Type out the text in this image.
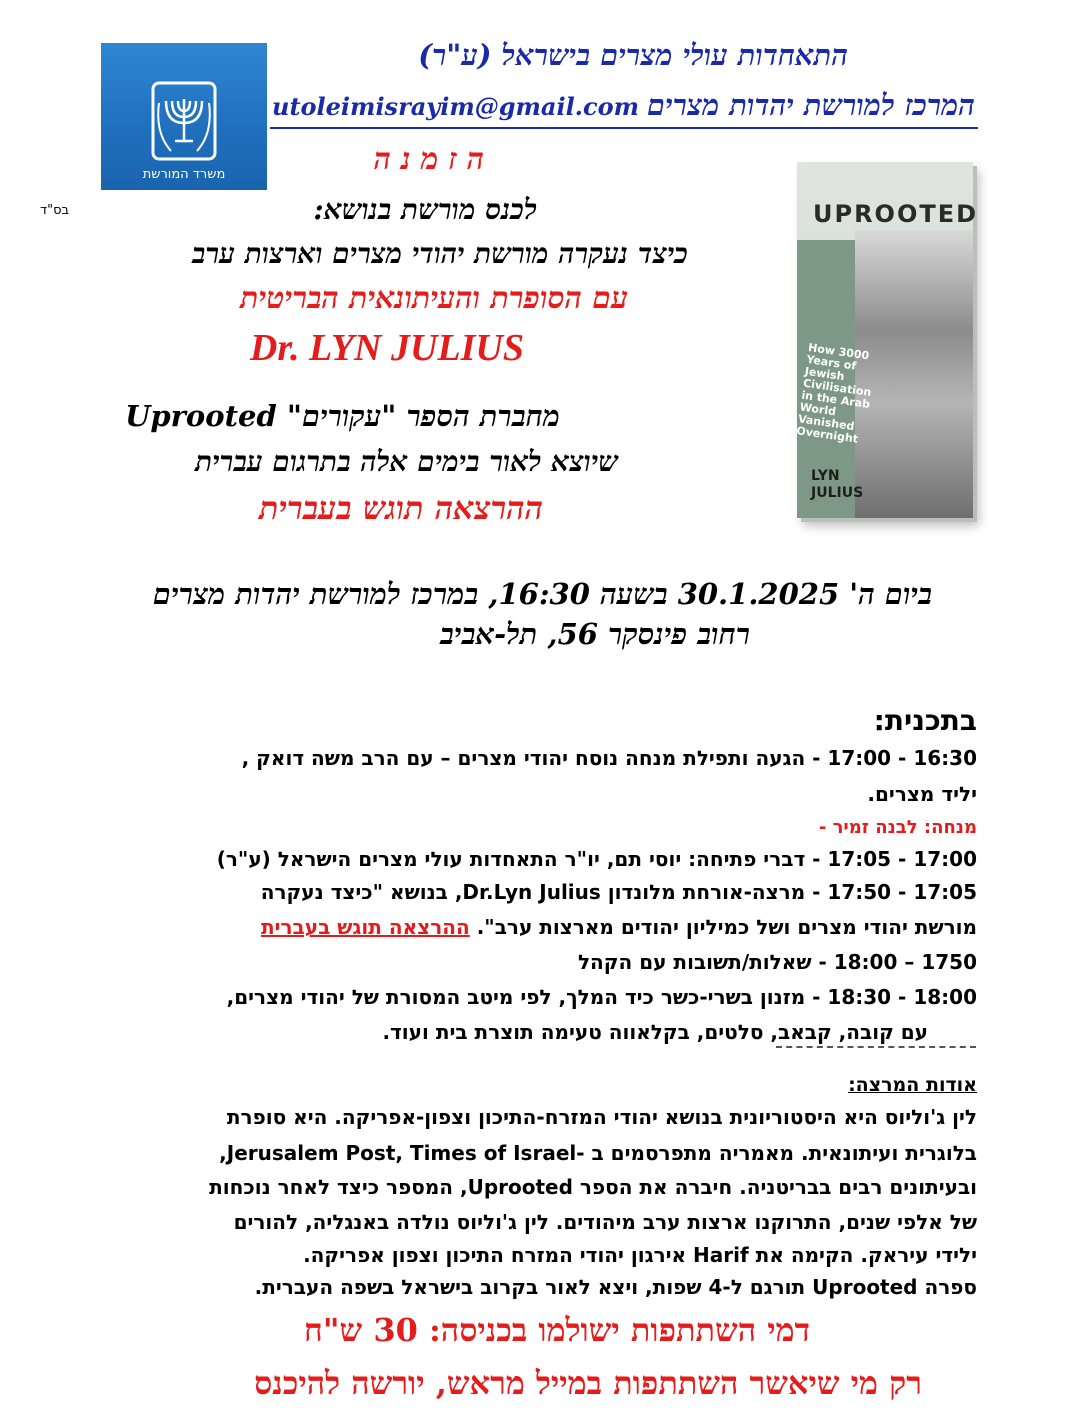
משרד המורשת
בס"ד
התאחדות עולי מצרים בישראל (ע"ר)
utoleimisrayim@gmail.com המרכז למורשת יהדות מצרים
הזמנה
לכנס מורשת בנושא:
כיצד נעקרה מורשת יהודי מצרים וארצות ערב
עם הסופרת והעיתונאית הבריטית
Dr. LYN JULIUS
מחברת הספר "עקורים" Uprooted
שיוצא לאור בימים אלה בתרגום עברית
ההרצאה תוגש בעברית
UPROOTED
How 3000
Years of
Jewish
Civilisation
in the Arab
World
Vanished
Overnight
LYN
JULIUS
ביום ה' 30.1.2025 בשעה 16:30, במרכז למורשת יהדות מצרים
רחוב פינסקר 56, תל-אביב
בתכנית:
16:30 - 17:00 - הגעה ותפילת מנחה נוסח יהודי מצרים – עם הרב משה דואק ,
יליד מצרים.
מנחה: לבנה זמיר -
17:00 - 17:05 - דברי פתיחה: יוסי תם, יו"ר התאחדות עולי מצרים הישראל (ע"ר)
17:05 - 17:50 - מרצה-אורחת מלונדון Dr.Lyn Julius, בנושא "כיצד נעקרה
מורשת יהודי מצרים ושל כמיליון יהודים מארצות ערב". ההרצאה תוגש בעברית
1750 – 18:00 - שאלות/תשובות עם הקהל
18:00 - 18:30 - מזנון בשרי-כשר כיד המלך, לפי מיטב המסורת של יהודי מצרים,
עם קובה, קבאב, סלטים, בקלאווה טעימה תוצרת בית ועוד.
אודות המרצה:
לין ג'וליוס היא היסטוריונית בנושא יהודי המזרח-התיכון וצפון-אפריקה. היא סופרת
בלוגרית ועיתונאית. מאמריה מתפרסמים ב -Jerusalem Post, Times of Israel,
ובעיתונים רבים בבריטניה. חיברה את הספר Uprooted, המספר כיצד לאחר נוכחות
של אלפי שנים, התרוקנו ארצות ערב מיהודים. לין ג'וליוס נולדה באנגליה, להורים
ילידי עיראק. הקימה את Harif אירגון יהודי המזרח התיכון וצפון אפריקה.
ספרה Uprooted תורגם ל-4 שפות, ויצא לאור בקרוב בישראל בשפה העברית.
דמי השתתפות ישולמו בכניסה: 30 ש"ח
רק מי שיאשר השתתפות במייל מראש, יורשה להיכנס
